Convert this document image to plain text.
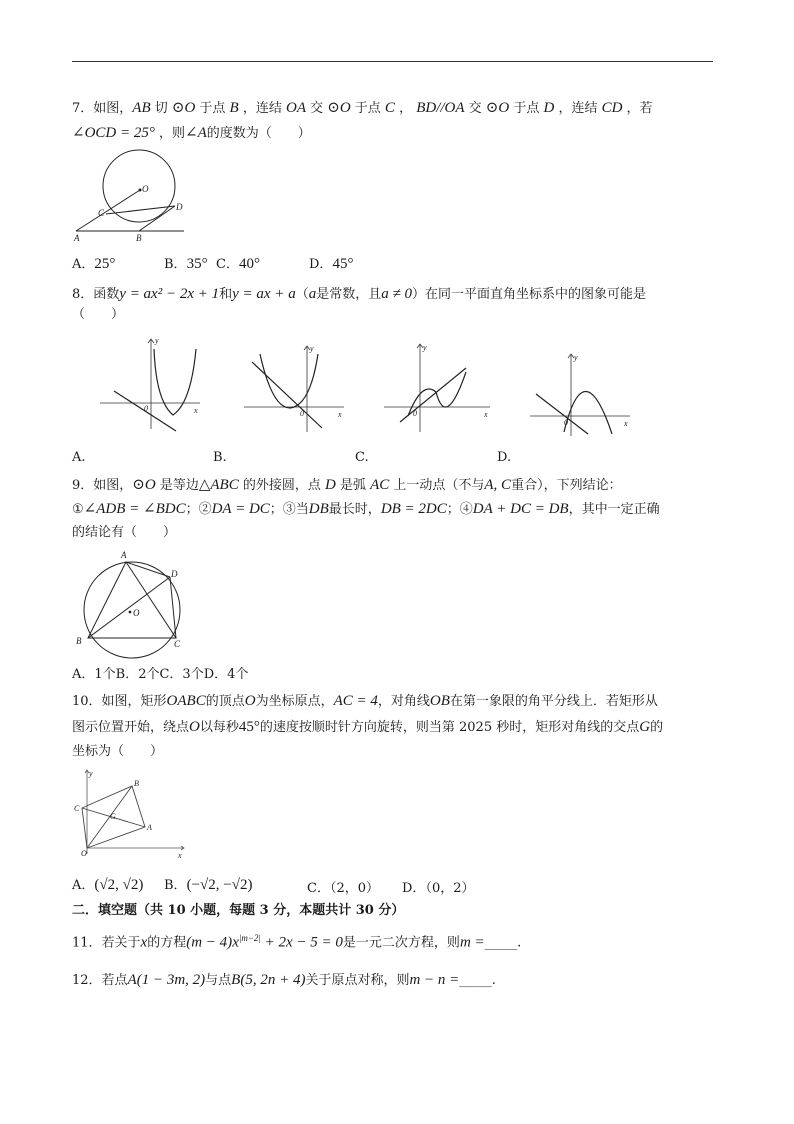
7．如图，AB 切 ⊙O 于点 B ，连结 OA 交 ⊙O 于点 C ， BD//OA 交 ⊙O 于点 D ，连结 CD ，若
∠OCD = 25° ，则∠A的度数为（　　）
O
C
D
A	B
A．25°	B．35° C．40°	D．45°
8．函数y = ax² − 2x + 1和y = ax + a（a是常数，且a ≠ 0）在同一平面直角坐标系中的图象可能是
（　　）
y
x
0
y
x
0
y
x
0
y
x
0
A.	B.	C.	D.
9．如图，⊙O 是等边△ABC 的外接圆，点 D 是弧 AC 上一动点（不与A, C重合），下列结论：
①∠ADB = ∠BDC；②DA = DC；③当DB最长时，DB = 2DC；④DA + DC = DB，其中一定正确
的结论有（　　）
A
D
O
B	C
A．1个B．2个C．3个D．4个
10．如图，矩形OABC的顶点O为坐标原点，AC = 4，对角线OB在第一象限的角平分线上．若矩形从
图示位置开始，绕点O以每秒45°的速度按顺时针方向旋转，则当第 2025 秒时，矩形对角线的交点G的
坐标为（　　）
y
C
B
G
A
O	x
A．(√2, √2) B．(−√2, −√2)	C．（2，0） D．（0，2）
二．填空题（共 10 小题，每题 3 分，本题共计 30 分）
11．若关于x的方程$(m - 4)x^{|m-2|} + 2x - 5 = 0$是一元二次方程，则m =_____.
12．若点A(1 − 3m, 2)与点B(5, 2n + 4)关于原点对称，则m − n =_____.
